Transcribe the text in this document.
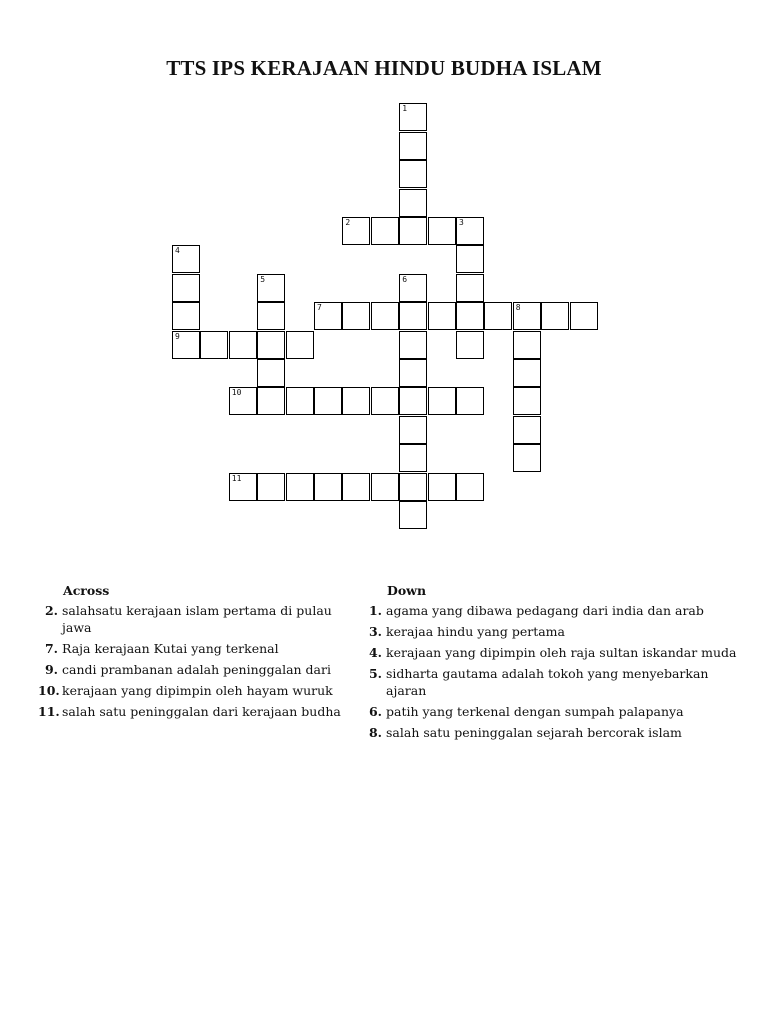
TTS IPS KERAJAAN HINDU BUDHA ISLAM
1
2	3
4
9
5	6
7	8
10
11
Across
2. salahsatu kerajaan islam pertama di pulau jawa
7. Raja kerajaan Kutai yang terkenal
9. candi prambanan adalah peninggalan dari
10. kerajaan yang dipimpin oleh hayam wuruk
11. salah satu peninggalan dari kerajaan budha
Down
1. agama yang dibawa pedagang dari india dan arab
3. kerajaa hindu yang pertama
4. kerajaan yang dipimpin oleh raja sultan iskandar muda
5. sidharta gautama adalah tokoh yang menyebarkan ajaran
6. patih yang terkenal dengan sumpah palapanya
8. salah satu peninggalan sejarah bercorak islam
